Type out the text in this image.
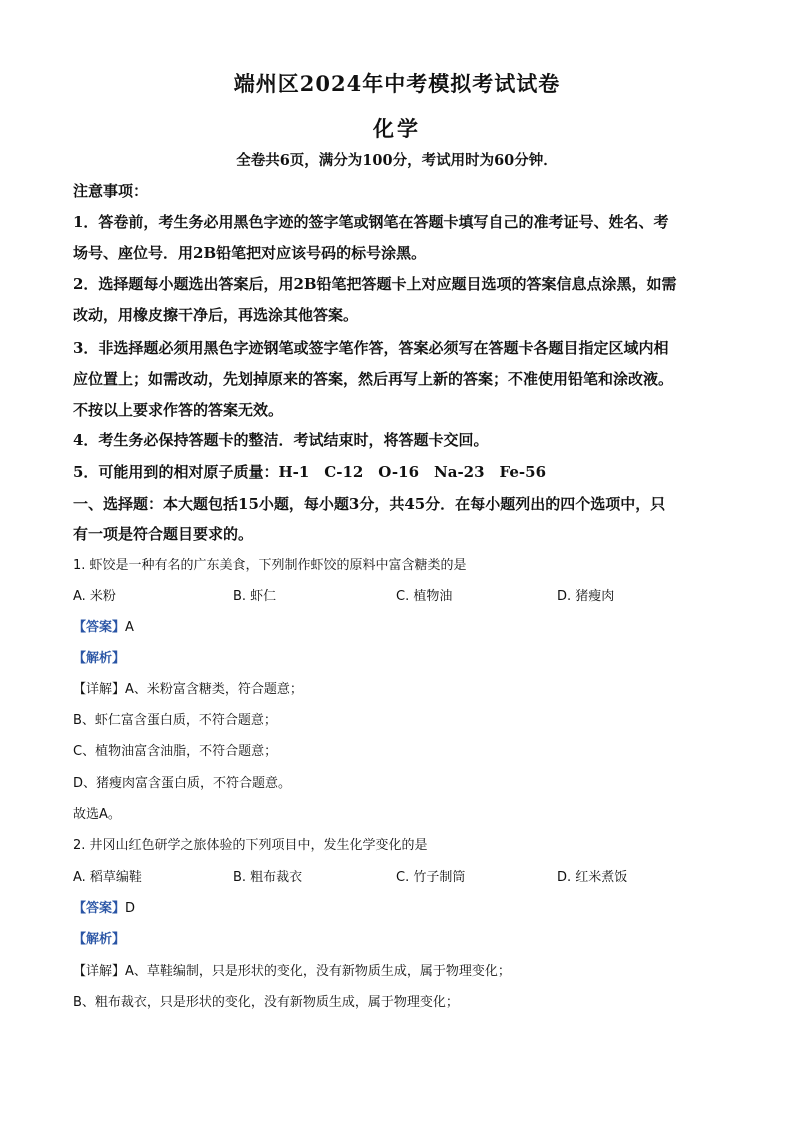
端州区2024年中考模拟考试试卷
化学
全卷共6页，满分为100分，考试用时为60分钟．
注意事项：
1．答卷前，考生务必用黑色字迹的签字笔或钢笔在答题卡填写自己的准考证号、姓名、考
场号、座位号．用2B铅笔把对应该号码的标号涂黑。
2．选择题每小题选出答案后，用2B铅笔把答题卡上对应题目选项的答案信息点涂黑，如需
改动，用橡皮擦干净后，再选涂其他答案。
3．非选择题必须用黑色字迹钢笔或签字笔作答，答案必须写在答题卡各题目指定区域内相
应位置上；如需改动，先划掉原来的答案，然后再写上新的答案；不准使用铅笔和涂改液。
不按以上要求作答的答案无效。
4．考生务必保持答题卡的整洁．考试结束时，将答题卡交回。
5．可能用到的相对原子质量：H-1　C-12　O-16　Na-23　Fe-56
一、选择题：本大题包括15小题，每小题3分，共45分．在每小题列出的四个选项中，只
有一项是符合题目要求的。
1. 虾饺是一种有名的广东美食，下列制作虾饺的原料中富含糖类的是
A. 米粉	B. 虾仁	C. 植物油	D. 猪瘦肉
【答案】A
【解析】
【详解】A、米粉富含糖类，符合题意；
B、虾仁富含蛋白质，不符合题意；
C、植物油富含油脂，不符合题意；
D、猪瘦肉富含蛋白质，不符合题意。
故选A。
2. 井冈山红色研学之旅体验的下列项目中，发生化学变化的是
A. 稻草编鞋	B. 粗布裁衣	C. 竹子制筒	D. 红米煮饭
【答案】D
【解析】
【详解】A、草鞋编制，只是形状的变化，没有新物质生成，属于物理变化；
B、粗布裁衣，只是形状的变化，没有新物质生成，属于物理变化；
